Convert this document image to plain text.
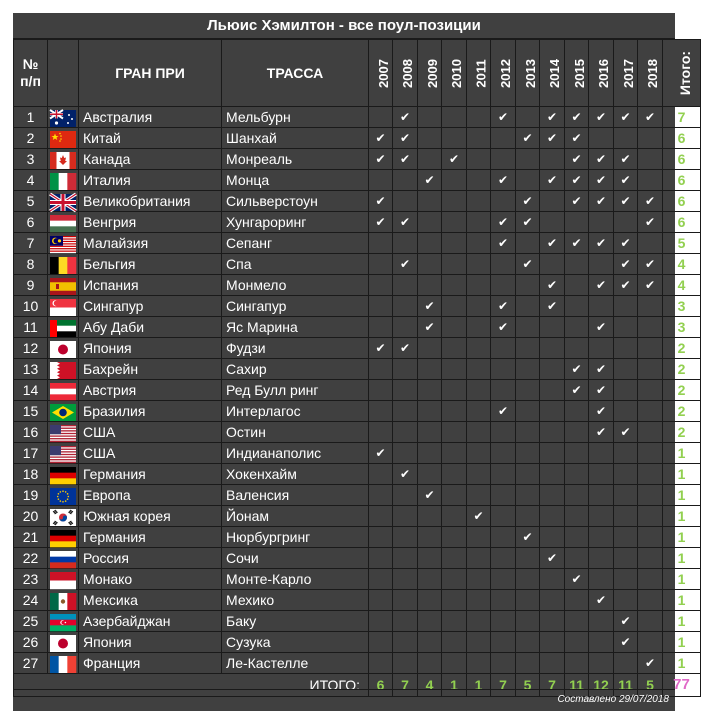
Льюис Хэмилтон - все поул-позиции
№
п/п		ГРАН ПРИ	ТРАССА	2007	2008	2009	2010	2011	2012	2013	2014	2015	2016	2017	2018	Итого:
1		Австралия	Мельбурн		✔				✔		✔	✔	✔	✔	✔	7
2		Китай	Шанхай	✔	✔					✔	✔	✔				6
3		Канада	Монреаль	✔	✔		✔					✔	✔	✔		6
4		Италия	Монца			✔			✔		✔	✔	✔	✔		6
5		Великобритания	Сильверстоун	✔						✔		✔	✔	✔	✔	6
6		Венгрия	Хунгароринг	✔	✔				✔	✔					✔	6
7		Малайзия	Сепанг						✔		✔	✔	✔	✔		5
8		Бельгия	Спа		✔					✔				✔	✔	4
9		Испания	Монмело								✔		✔	✔	✔	4
10		Сингапур	Сингапур			✔			✔		✔					3
11		Абу Даби	Яс Марина			✔			✔				✔			3
12		Япония	Фудзи	✔	✔											2
13		Бахрейн	Сахир									✔	✔			2
14		Австрия	Ред Булл ринг									✔	✔			2
15		Бразилия	Интерлагос						✔				✔			2
16		США	Остин										✔	✔		2
17		США	Индианаполис	✔												1
18		Германия	Хокенхайм		✔											1
19		Европа	Валенсия			✔										1
20		Южная корея	Йонам					✔								1
21		Германия	Нюрбургринг							✔						1
22		Россия	Сочи								✔					1
23		Монако	Монте-Карло									✔				1
24		Мексика	Мехико										✔			1
25		Азербайджан	Баку											✔		1
26		Япония	Сузука											✔		1
27		Франция	Ле-Кастелле												✔	1
ИТОГО:				6	7	4	1	1	7	5	7	11	12	11	5	77
Составлено 29/07/2018
